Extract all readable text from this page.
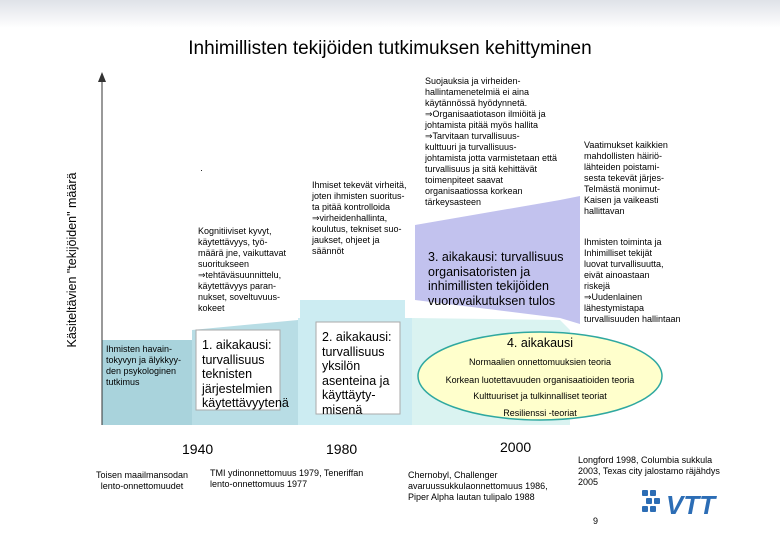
Inhimillisten tekijöiden tutkimuksen kehittyminen
Käsiteltävien "tekijöiden" määrä
Ihmisten havain-
tokyvyn ja älykkyy-
den psykologinen
tutkimus
·
Kognitiiviset kyvyt,
käytettävyys, työ-
määrä jne, vaikuttavat
suoritukseen
⇒tehtäväsuunnittelu,
käytettävyys paran-
nukset, soveltuvuus-
kokeet
1. aikakausi:
turvallisuus
teknisten
järjestelmien
käytettävyytenä
Ihmiset tekevät virheitä,
joten ihmisten suoritus-
ta pitää kontrolloida
⇒virheidenhallinta,
koulutus, tekniset suo-
jaukset, ohjeet ja
säännöt
2. aikakausi:
turvallisuus
yksilön
asenteina ja
käyttäyty-
misenä
Suojauksia ja virheiden-
hallintamenetelmiä ei aina
käytännössä hyödynnetä.
⇒Organisaatiotason ilmiöitä ja
johtamista pitää myös hallita
⇒Tarvitaan turvallisuus-
kulttuuri ja turvallisuus-
johtamista jotta varmistetaan että
turvallisuus ja sitä kehittävät
toimenpiteet saavat
organisaatiossa korkean
tärkeysasteen
3. aikakausi: turvallisuus
organisatoristen ja
inhimillisten tekijöiden
vuorovaikutuksen tulos
Vaatimukset kaikkien
mahdollisten häiriö-
lähteiden poistami-
sesta tekevät järjes-
Telmästä monimut-
Kaisen ja vaikeasti
hallittavan
Ihmisten toiminta ja
Inhimilliset tekijät
luovat turvallisuutta,
eivät ainoastaan
riskejä
⇒Uudenlainen
lähestymistapa
turvallisuuden hallintaan
4. aikakausi
Normaalien onnettomuuksien teoria
Korkean luotettavuuden organisaatioiden teoria
Kulttuuriset ja tulkinnalliset teoriat
Resilienssi -teoriat
1940	1980	2000
Toisen maailmansodan
lento-onnettomuudet
TMI ydinonnettomuus 1979, Teneriffan
lento-onnettomuus 1977
Chernobyl, Challenger
avaruussukkulaonnettomuus 1986,
Piper Alpha lautan tulipalo 1988
Longford 1998, Columbia sukkula
2003, Texas city jalostamo räjähdys
2005
9
VTT
